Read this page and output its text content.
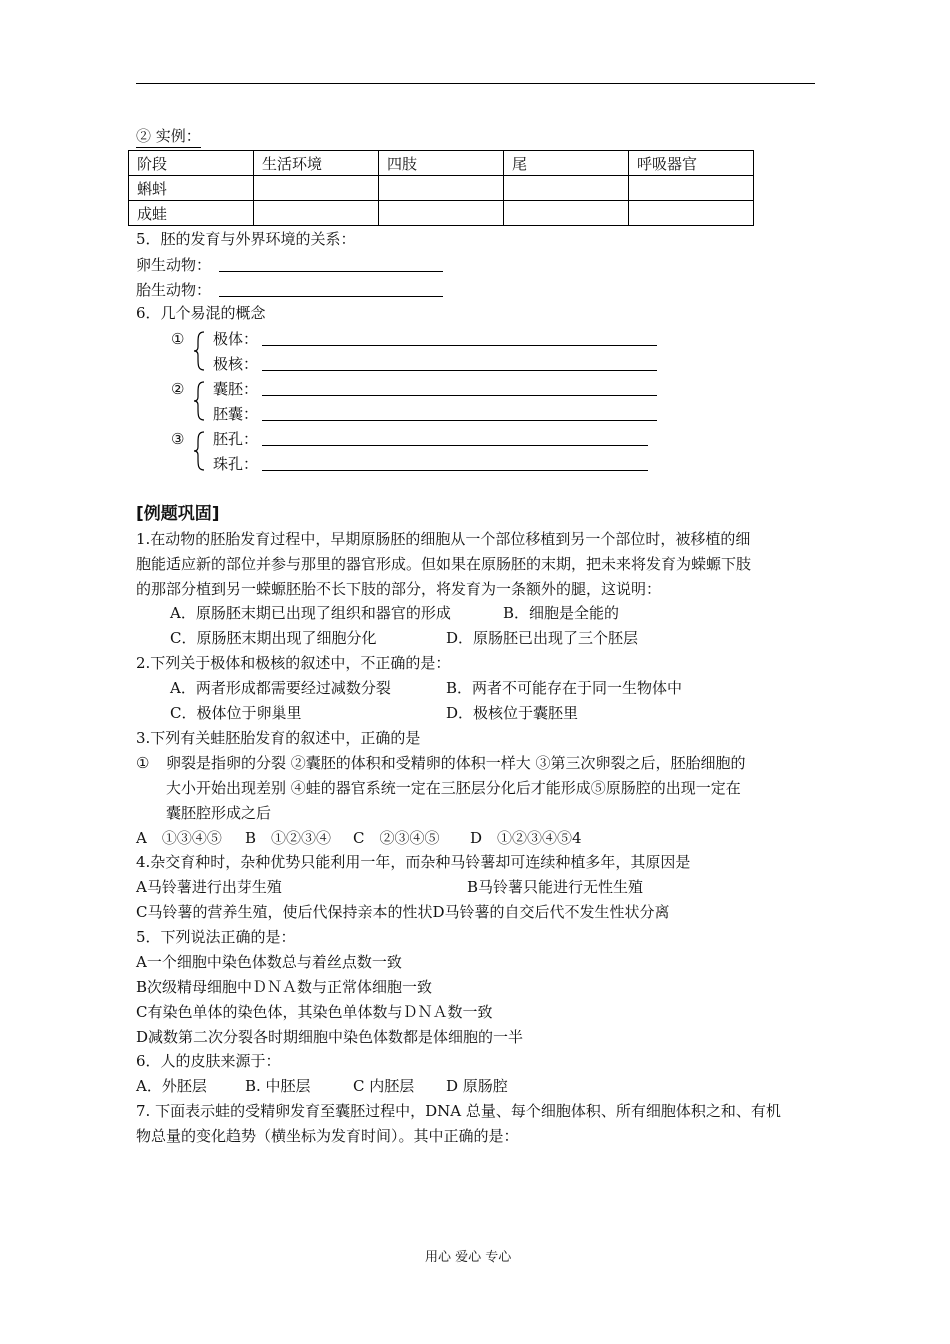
② 实例：
阶段	生活环境	四肢	尾	呼吸器官
蝌蚪				
成蛙				
5．胚的发育与外界环境的关系：
卵生动物：
胎生动物：
6．几个易混的概念
① 极体：
极核：
② 囊胚：
胚囊：
③ 胚孔：
珠孔：
[例题巩固]
1.在动物的胚胎发育过程中，早期原肠胚的细胞从一个部位移植到另一个部位时，被移植的细
胞能适应新的部位并参与那里的器官形成。但如果在原肠胚的末期，把未来将发育为蝾螈下肢
的那部分植到另一蝾螈胚胎不长下肢的部分，将发育为一条额外的腿，这说明：
A．原肠胚末期已出现了组织和器官的形成	B．细胞是全能的
C．原肠胚末期出现了细胞分化	D．原肠胚已出现了三个胚层
2.下列关于极体和极核的叙述中，不正确的是：
A．两者形成都需要经过减数分裂	B．两者不可能存在于同一生物体中
C．极体位于卵巢里	D．极核位于囊胚里
3.下列有关蛙胚胎发育的叙述中，正确的是
① 卵裂是指卵的分裂 ②囊胚的体积和受精卵的体积一样大 ③第三次卵裂之后，胚胎细胞的
大小开始出现差别 ④蛙的器官系统一定在三胚层分化后才能形成⑤原肠腔的出现一定在
囊胚腔形成之后
A　①③④⑤ B　①②③④ C　②③④⑤ D　①②③④⑤4
4.杂交育种时，杂种优势只能利用一年，而杂种马铃薯却可连续种植多年，其原因是
A马铃薯进行出芽生殖	B马铃薯只能进行无性生殖
C马铃薯的营养生殖，使后代保持亲本的性状D马铃薯的自交后代不发生性状分离
5．下列说法正确的是：
A一个细胞中染色体数总与着丝点数一致
B次级精母细胞中ＤＮＡ数与正常体细胞一致
C有染色单体的染色体，其染色单体数与ＤＮＡ数一致
D减数第二次分裂各时期细胞中染色体数都是体细胞的一半
6．人的皮肤来源于：
A．外胚层	B. 中胚层	C 内胚层 D 原肠腔
7. 下面表示蛙的受精卵发育至囊胚过程中，DNA 总量、每个细胞体积、所有细胞体积之和、有机
物总量的变化趋势（横坐标为发育时间）。其中正确的是：
用心 爱心 专心
